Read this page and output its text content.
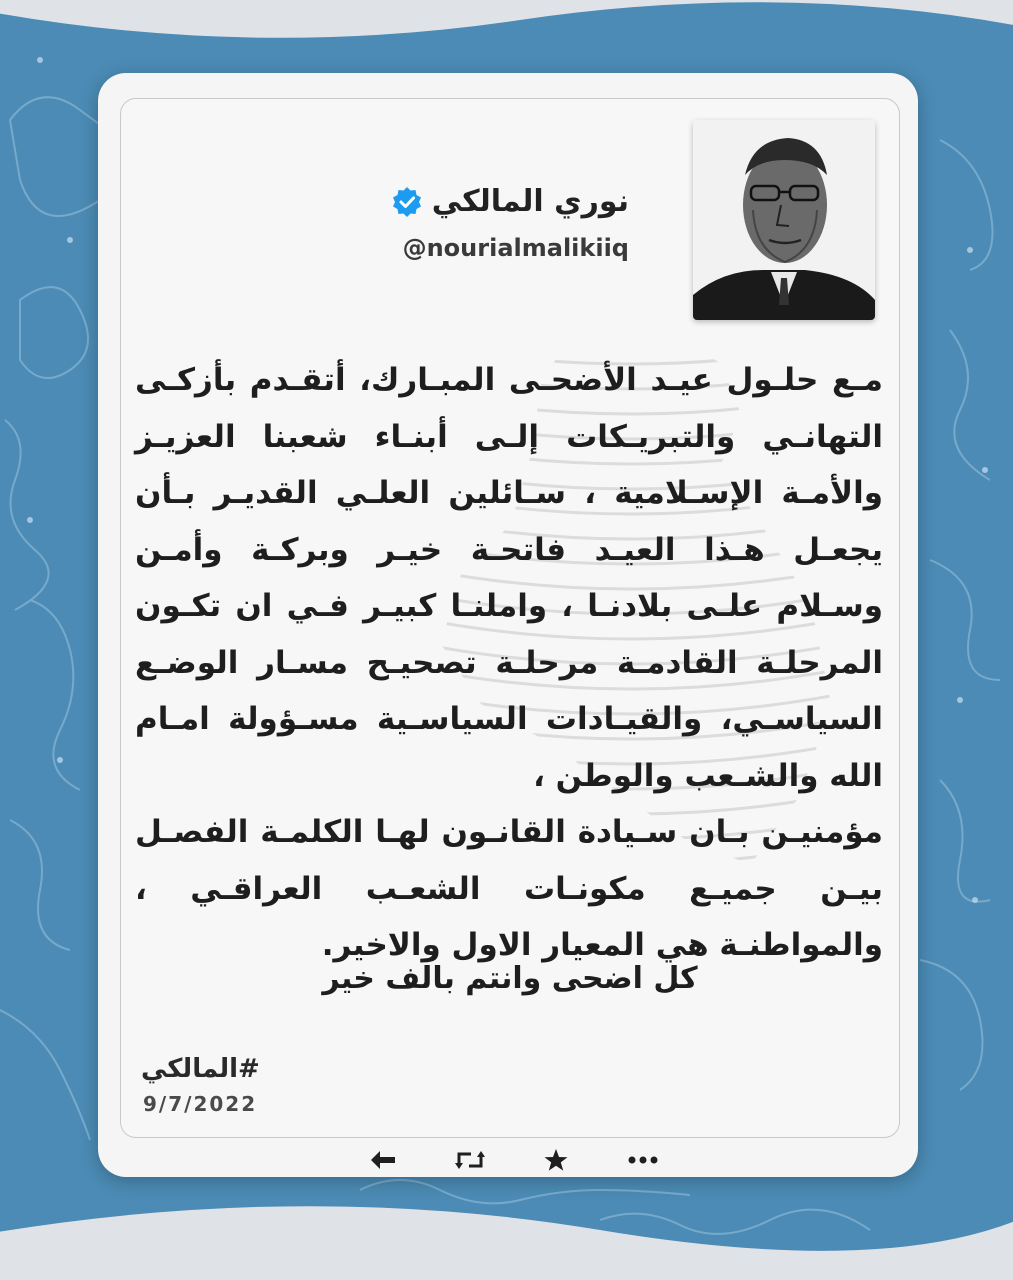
نوري المالكي
@nourialmalikiiq

مـع حلـول عيـد الأضحـى المبـارك، أتقـدم بأزكـى التهانـي والتبريـكات إلـى أبنـاء شعبنا العزيـز والأمـة الإسـلامية ، سـائلين العلـي القديـر بـأن يجعـل هـذا العيـد فاتحـة خيـر وبركـة وأمـن وسـلام علـى بلادنـا ، واملنـا كبيـر فـي ان تكـون المرحلـة القادمـة مرحلـة تصحيـح مسـار الوضـع السياسـي، والقيـادات السياسـية مسـؤولة امـام الله والشـعب والوطن ،

مؤمنيـن بـان سـيادة القانـون لهـا الكلمـة الفصـل بيـن جميـع مكونـات الشعـب العراقـي ، والمواطنـة هي المعيار الاول والاخير.

كل اضحى وانتم بالف خير
#المالكي
9/7/2022
